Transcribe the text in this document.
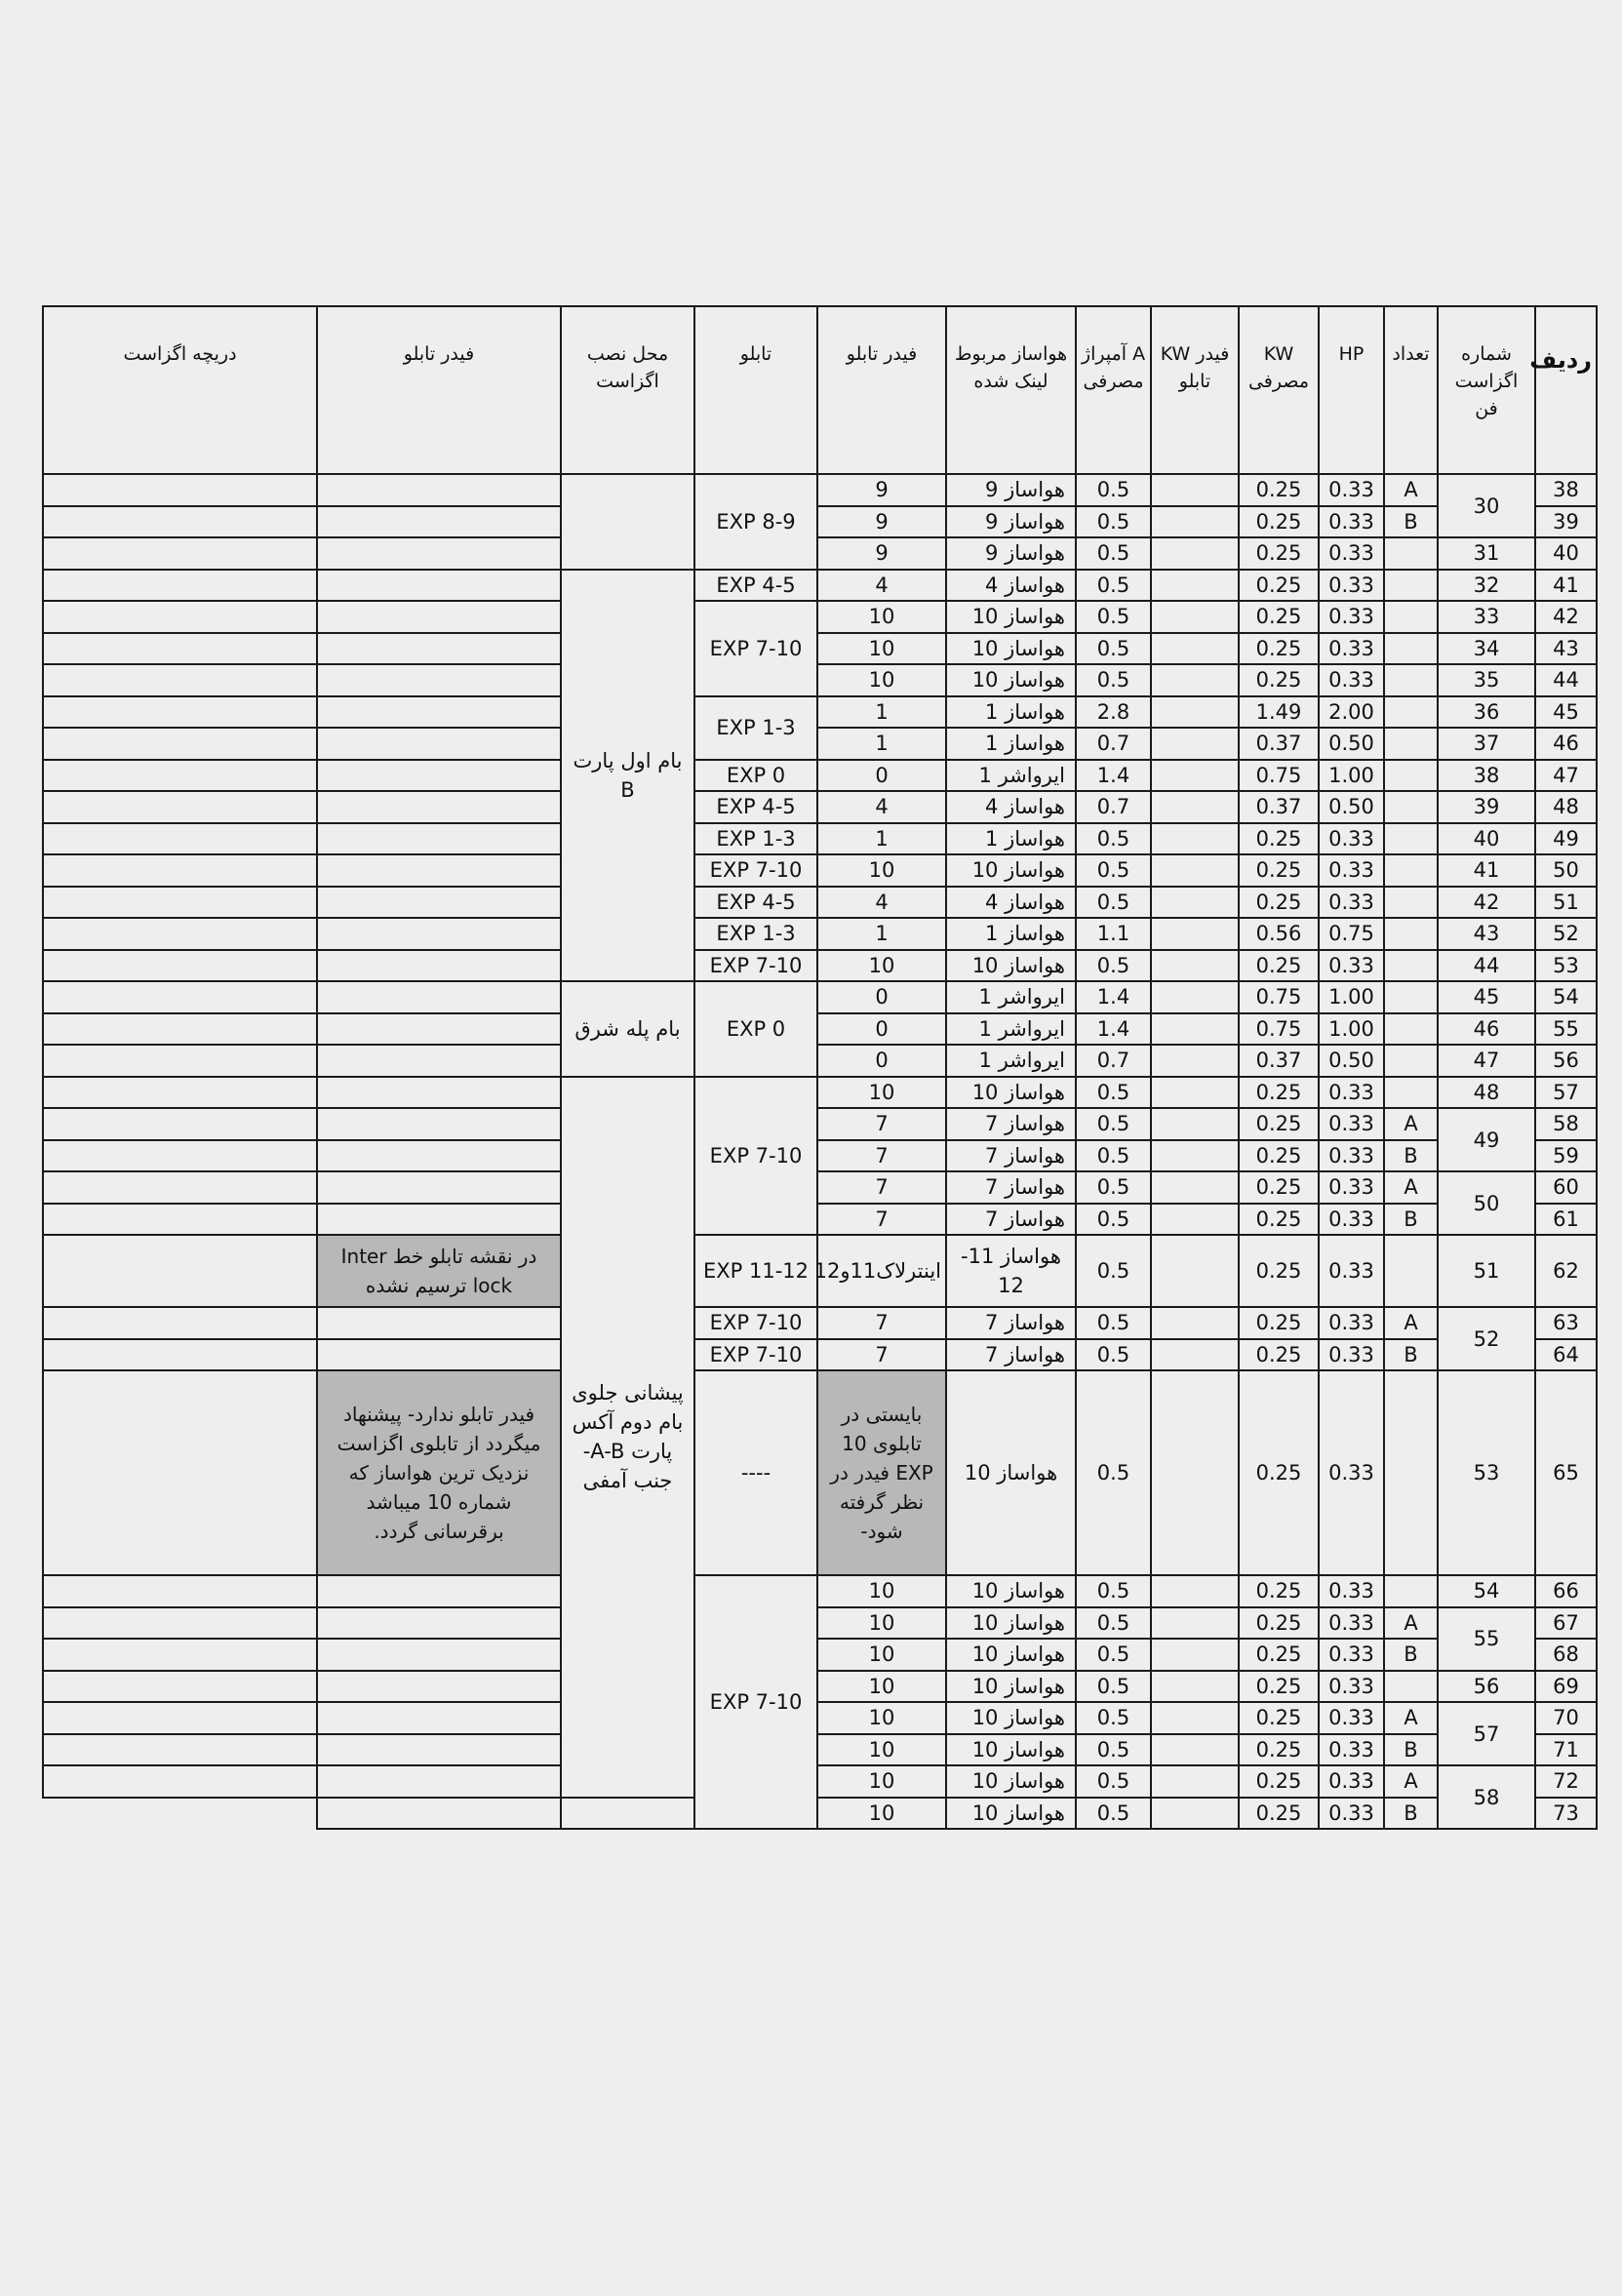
ردیف	شماره اگزاست فن	تعداد	HP	KW مصرفی	فیدر KW تابلو	A آمپراژ مصرفی	هواساز مربوط لینک شده	فیدر تابلو	تابلو	محل نصب اگزاست	فیدر تابلو	دریچه اگزاست
38	30	A	0.33	0.25		0.5	هواساز 9	9	EXP 8-9			
39		B	0.33	0.25		0.5	هواساز 9	9				
40	31		0.33	0.25		0.5	هواساز 9	9				
41	32		0.33	0.25		0.5	هواساز 4	4	EXP 4-5	بام اول پارت B		
42	33		0.33	0.25		0.5	هواساز 10	10	EXP 7-10			
43	34		0.33	0.25		0.5	هواساز 10	10				
44	35		0.33	0.25		0.5	هواساز 10	10				
45	36		2.00	1.49		2.8	هواساز 1	1	EXP 1-3			
46	37		0.50	0.37		0.7	هواساز 1	1				
47	38		1.00	0.75		1.4	ایرواشر 1	0	EXP 0			
48	39		0.50	0.37		0.7	هواساز 4	4	EXP 4-5			
49	40		0.33	0.25		0.5	هواساز 1	1	EXP 1-3			
50	41		0.33	0.25		0.5	هواساز 10	10	EXP 7-10			
51	42		0.33	0.25		0.5	هواساز 4	4	EXP 4-5			
52	43		0.75	0.56		1.1	هواساز 1	1	EXP 1-3			
53	44		0.33	0.25		0.5	هواساز 10	10	EXP 7-10			
54	45		1.00	0.75		1.4	ایرواشر 1	0	EXP 0	بام پله شرق		
55	46		1.00	0.75		1.4	ایرواشر 1	0				
56	47		0.50	0.37		0.7	ایرواشر 1	0				
57	48		0.33	0.25		0.5	هواساز 10	10	EXP 7-10	پیشانی جلوی بام دوم آکس پارت A-B- جنب آمفی		
58	49	A	0.33	0.25		0.5	هواساز 7	7				
59		B	0.33	0.25		0.5	هواساز 7	7				
60	50	A	0.33	0.25		0.5	هواساز 7	7				
61		B	0.33	0.25		0.5	هواساز 7	7				
62	51		0.33	0.25		0.5	هواساز 11-12	اینترلاک11و12	EXP 11-12		در نقشه تابلو خط Inter lock ترسیم نشده	
63	52	A	0.33	0.25		0.5	هواساز 7	7	EXP 7-10			
64		B	0.33	0.25		0.5	هواساز 7	7	EXP 7-10			
65	53		0.33	0.25		0.5	هواساز 10	بایستی در تابلوی 10 EXP فیدر در نظر گرفته شود-	----		فیدر تابلو ندارد- پیشنهاد میگردد از تابلوی اگزاست نزدیک ترین هواساز که شماره 10 میباشد برقرسانی گردد.	
66	54		0.33	0.25		0.5	هواساز 10	10	EXP 7-10			
67	55	A	0.33	0.25		0.5	هواساز 10	10				
68		B	0.33	0.25		0.5	هواساز 10	10				
69	56		0.33	0.25		0.5	هواساز 10	10				
70	57	A	0.33	0.25		0.5	هواساز 10	10				
71		B	0.33	0.25		0.5	هواساز 10	10				
72	58	A	0.33	0.25		0.5	هواساز 10	10				
73		B	0.33	0.25		0.5	هواساز 10	10				
